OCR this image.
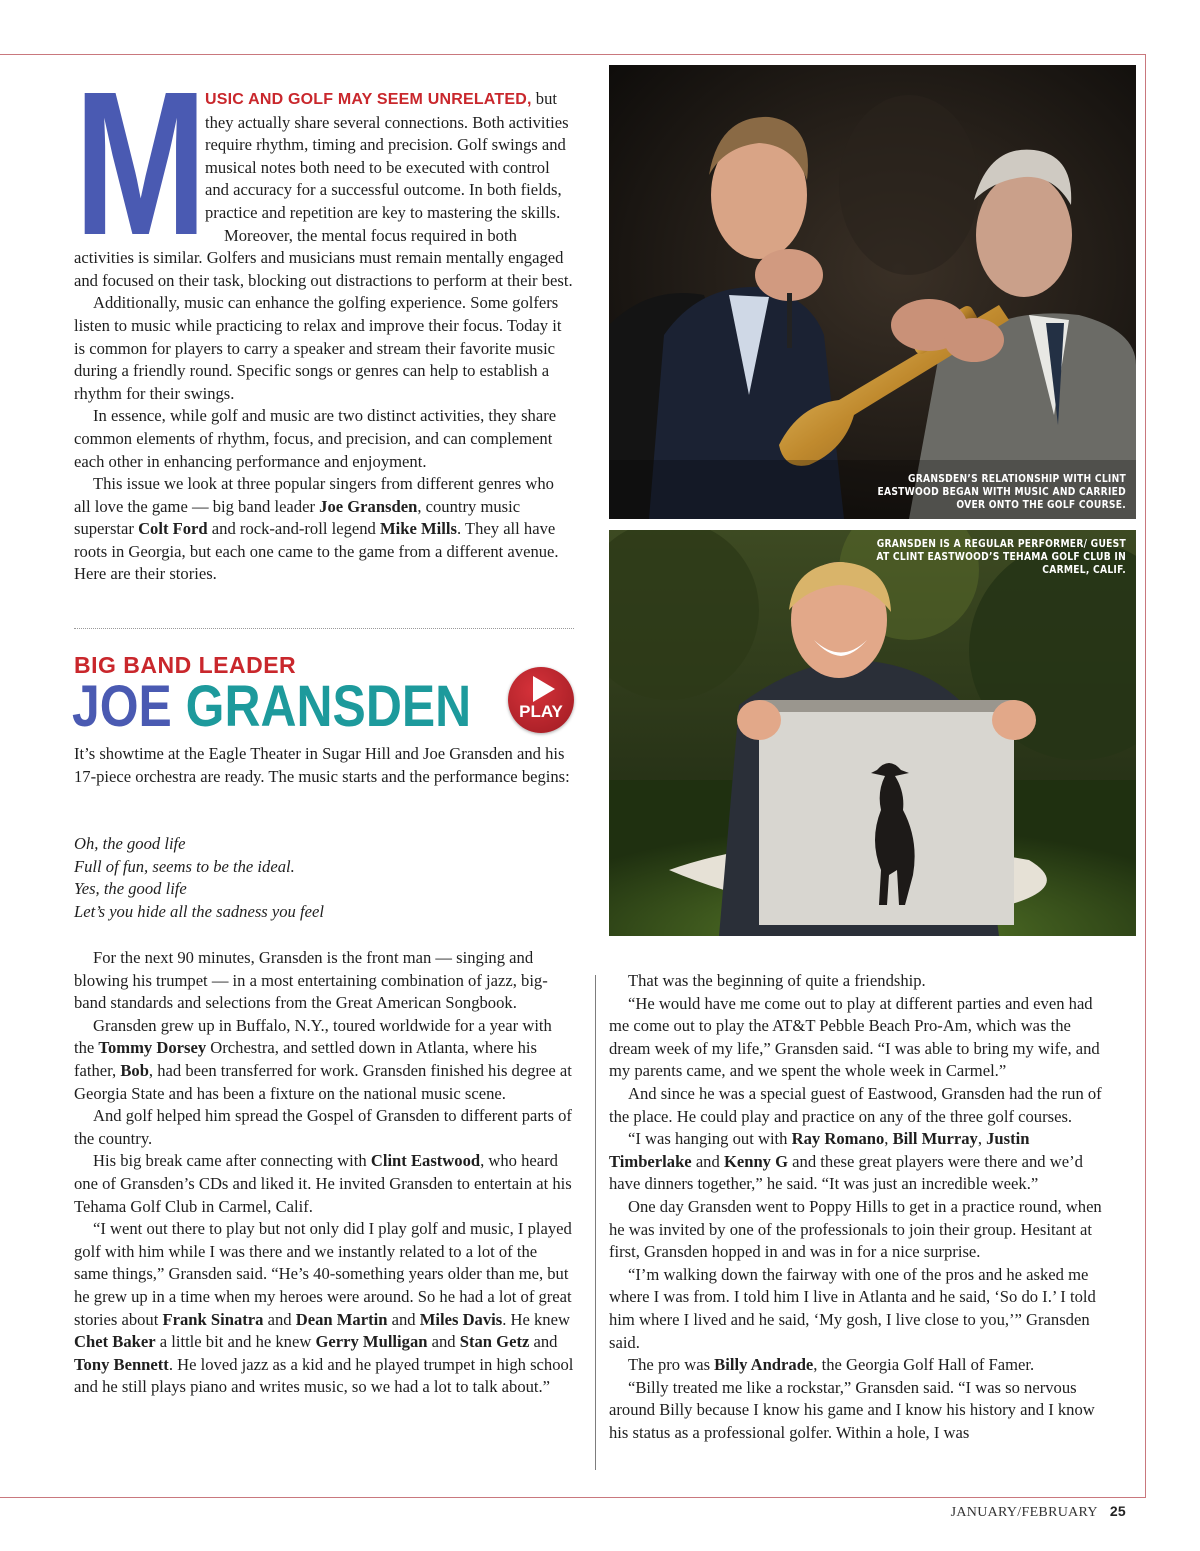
USIC AND GOLF MAY SEEM UNRELATED, but they actually share several connections. Both activities require rhythm, timing and precision. Golf swings and musical notes both need to be executed with control and accuracy for a successful outcome. In both fields, practice and repetition are key to mastering the skills.

Moreover, the mental focus required in both activities is similar. Golfers and musicians must remain mentally engaged and focused on their task, blocking out distractions to perform at their best.

Additionally, music can enhance the golfing experience. Some golfers listen to music while practicing to relax and improve their focus. Today it is common for players to carry a speaker and stream their favorite music during a friendly round. Specific songs or genres can help to establish a rhythm for their swings.

In essence, while golf and music are two distinct activities, they share common elements of rhythm, focus, and precision, and can complement each other in enhancing performance and enjoyment.

This issue we look at three popular singers from different genres who all love the game — big band leader Joe Gransden, country music superstar Colt Ford and rock-and-roll legend Mike Mills. They all have roots in Georgia, but each one came to the game from a different avenue. Here are their stories.

M
BIG BAND LEADER
JOE GRANSDEN	PLAY

It’s showtime at the Eagle Theater in Sugar Hill and Joe Gransden and his 17-piece orchestra are ready. The music starts and the performance begins:

Oh, the good life
Full of fun, seems to be the ideal.
Yes, the good life
Let’s you hide all the sadness you feel

For the next 90 minutes, Gransden is the front man — singing and blowing his trumpet — in a most entertaining combination of jazz, big-band standards and selections from the Great American Songbook.

Gransden grew up in Buffalo, N.Y., toured worldwide for a year with the Tommy Dorsey Orchestra, and settled down in Atlanta, where his father, Bob, had been transferred for work. Gransden finished his degree at Georgia State and has been a fixture on the national music scene.

And golf helped him spread the Gospel of Gransden to different parts of the country.

His big break came after connecting with Clint Eastwood, who heard one of Gransden’s CDs and liked it. He invited Gransden to entertain at his Tehama Golf Club in Carmel, Calif.

“I went out there to play but not only did I play golf and music, I played golf with him while I was there and we instantly related to a lot of the same things,” Gransden said. “He’s 40-something years older than me, but he grew up in a time when my heroes were around. So he had a lot of great stories about Frank Sinatra and Dean Martin and Miles Davis. He knew Chet Baker a little bit and he knew Gerry Mulligan and Stan Getz and Tony Bennett. He loved jazz as a kid and he played trumpet in high school and he still plays piano and writes music, so we had a lot to talk about.”

That was the beginning of quite a friendship.

“He would have me come out to play at different parties and even had me come out to play the AT&T Pebble Beach Pro-Am, which was the dream week of my life,” Gransden said. “I was able to bring my wife, and my parents came, and we spent the whole week in Carmel.”

And since he was a special guest of Eastwood, Gransden had the run of the place. He could play and practice on any of the three golf courses.

“I was hanging out with Ray Romano, Bill Murray, Justin Timberlake and Kenny G and these great players were there and we’d have dinners together,” he said. “It was just an incredible week.”

One day Gransden went to Poppy Hills to get in a practice round, when he was invited by one of the professionals to join their group. Hesitant at first, Gransden hopped in and was in for a nice surprise.

“I’m walking down the fairway with one of the pros and he asked me where I was from. I told him I live in Atlanta and he said, ‘So do I.’ I told him where I lived and he said, ‘My gosh, I live close to you,’” Gransden said.

The pro was Billy Andrade, the Georgia Golf Hall of Famer.

“Billy treated me like a rockstar,” Gransden said. “I was so nervous around Billy because I know his game and I know his history and I know his status as a professional golfer. Within a hole, I was

GRANSDEN’S RELATIONSHIP WITH CLINT EASTWOOD BEGAN WITH MUSIC AND CARRIED OVER ONTO THE GOLF COURSE.
GRANSDEN IS A REGULAR PERFORMER/ GUEST AT CLINT EASTWOOD’S TEHAMA GOLF CLUB IN CARMEL, CALIF.
JANUARY/FEBRUARY 25
